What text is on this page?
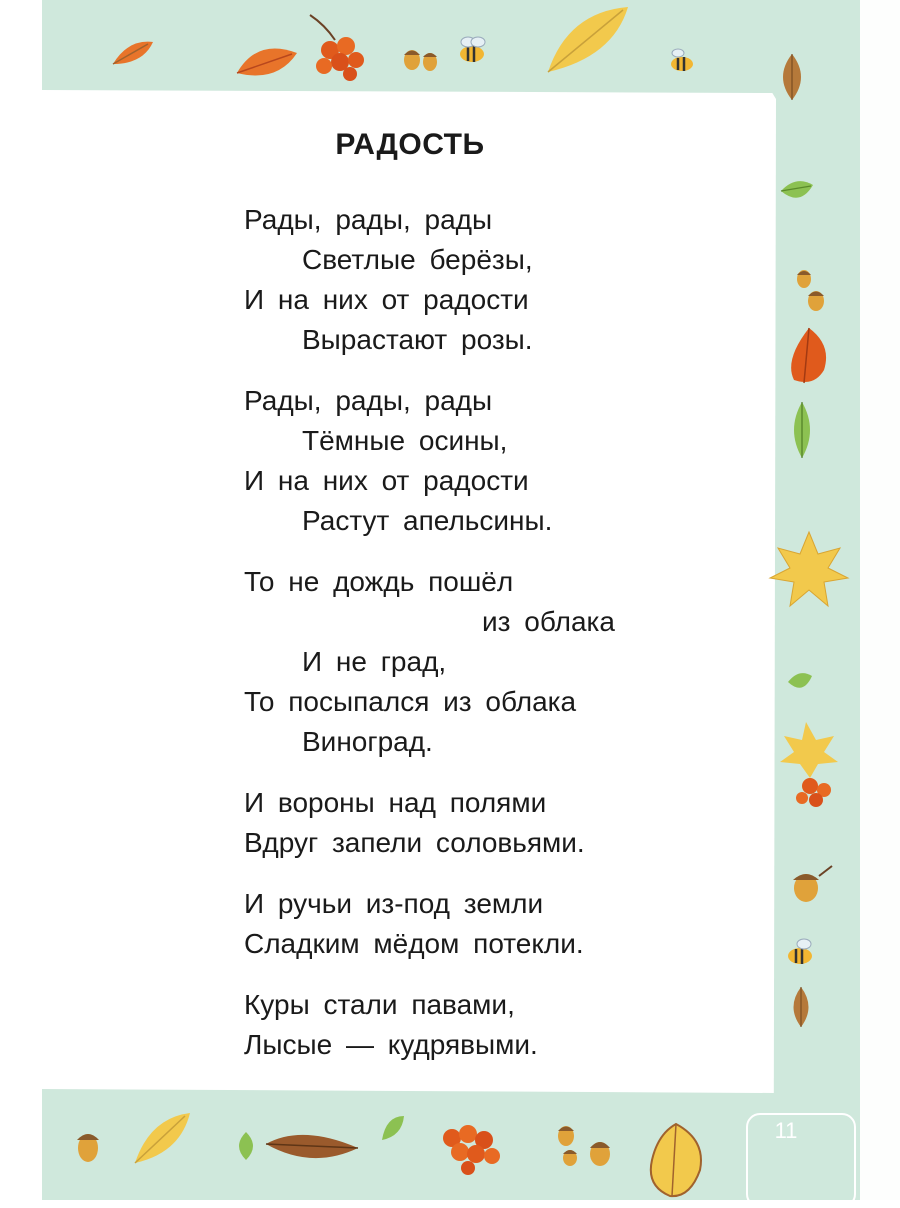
РАДОСТЬ
Рады, рады, рады
Светлые берёзы,
И на них от радости
Вырастают розы.
Рады, рады, рады
Тёмные осины,
И на них от радости
Растут апельсины.
То не дождь пошёл
из облака
И не град,
То посыпался из облака
Виноград.
И вороны над полями
Вдруг запели соловьями.
И ручьи из-под земли
Сладким мёдом потекли.
Куры стали павами,
Лысые — кудрявыми.
11
